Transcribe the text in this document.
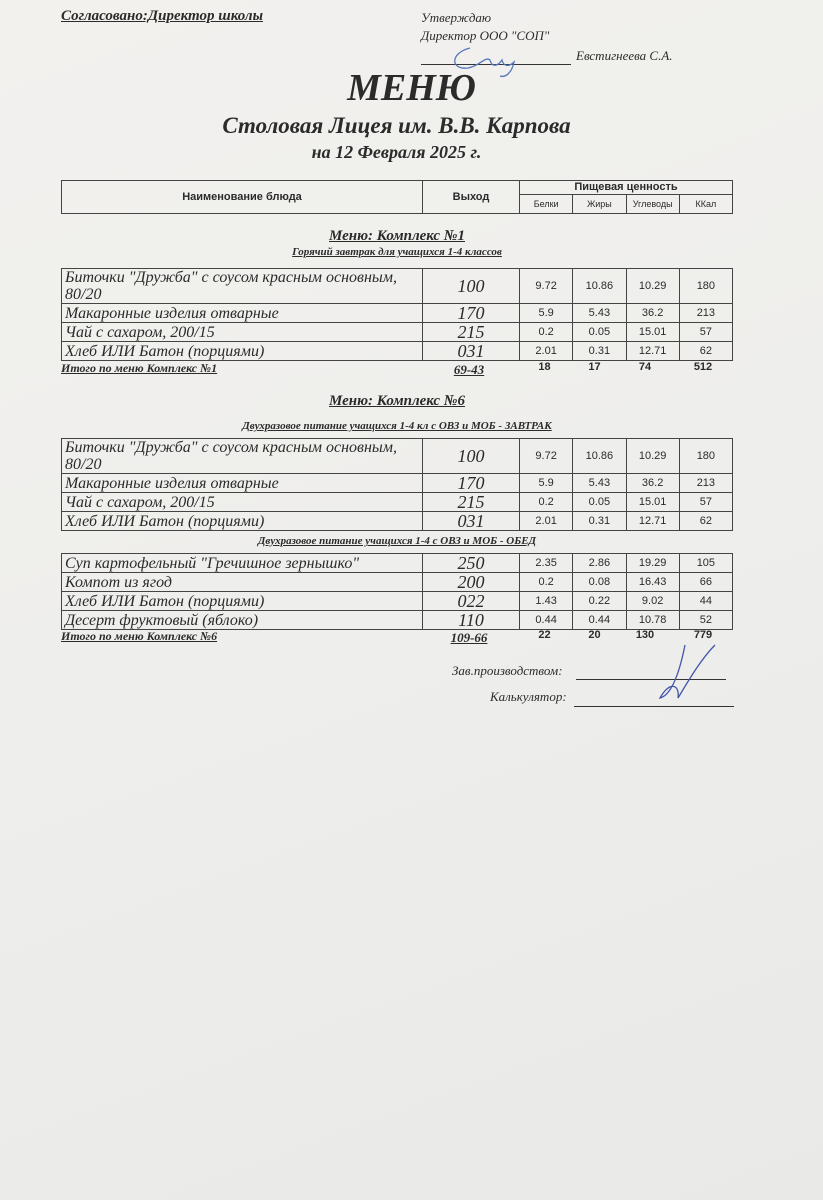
Согласовано:Директор школы	Утверждаю
Директор ООО "СОП"
Евстигнеева С.А.
МЕНЮ
Столовая Лицея им. В.В. Карпова
на 12 Февраля 2025 г.
Наименование блюда	Выход	Пищевая ценность			
		Белки	Жиры	Углеводы	ККал
Меню: Комплекс №1
Горячий завтрак для учащихся 1-4 классов
Биточки "Дружба" с соусом красным основным, 80/20	100	9.72	10.86	10.29	180
Макаронные изделия отварные	170	5.9	5.43	36.2	213
Чай с сахаром, 200/15	215	0.2	0.05	15.01	57
Хлеб ИЛИ Батон (порциями)	031	2.01	0.31	12.71	62
Итого по меню Комплекс №1	69-43	18	17	74	512
Меню: Комплекс №6
Двухразовое питание учащихся 1-4 кл с ОВЗ и МОБ - ЗАВТРАК
Биточки "Дружба" с соусом красным основным, 80/20	100	9.72	10.86	10.29	180
Макаронные изделия отварные	170	5.9	5.43	36.2	213
Чай с сахаром, 200/15	215	0.2	0.05	15.01	57
Хлеб ИЛИ Батон (порциями)	031	2.01	0.31	12.71	62
Двухразовое питание учащихся 1-4 с ОВЗ и МОБ - ОБЕД
Суп картофельный "Гречишное зернышко"	250	2.35	2.86	19.29	105
Компот из ягод	200	0.2	0.08	16.43	66
Хлеб ИЛИ Батон (порциями)	022	1.43	0.22	9.02	44
Десерт фруктовый (яблоко)	110	0.44	0.44	10.78	52
Итого по меню Комплекс №6	109-66	22	20	130	779
Зав.производством:
Калькулятор:
